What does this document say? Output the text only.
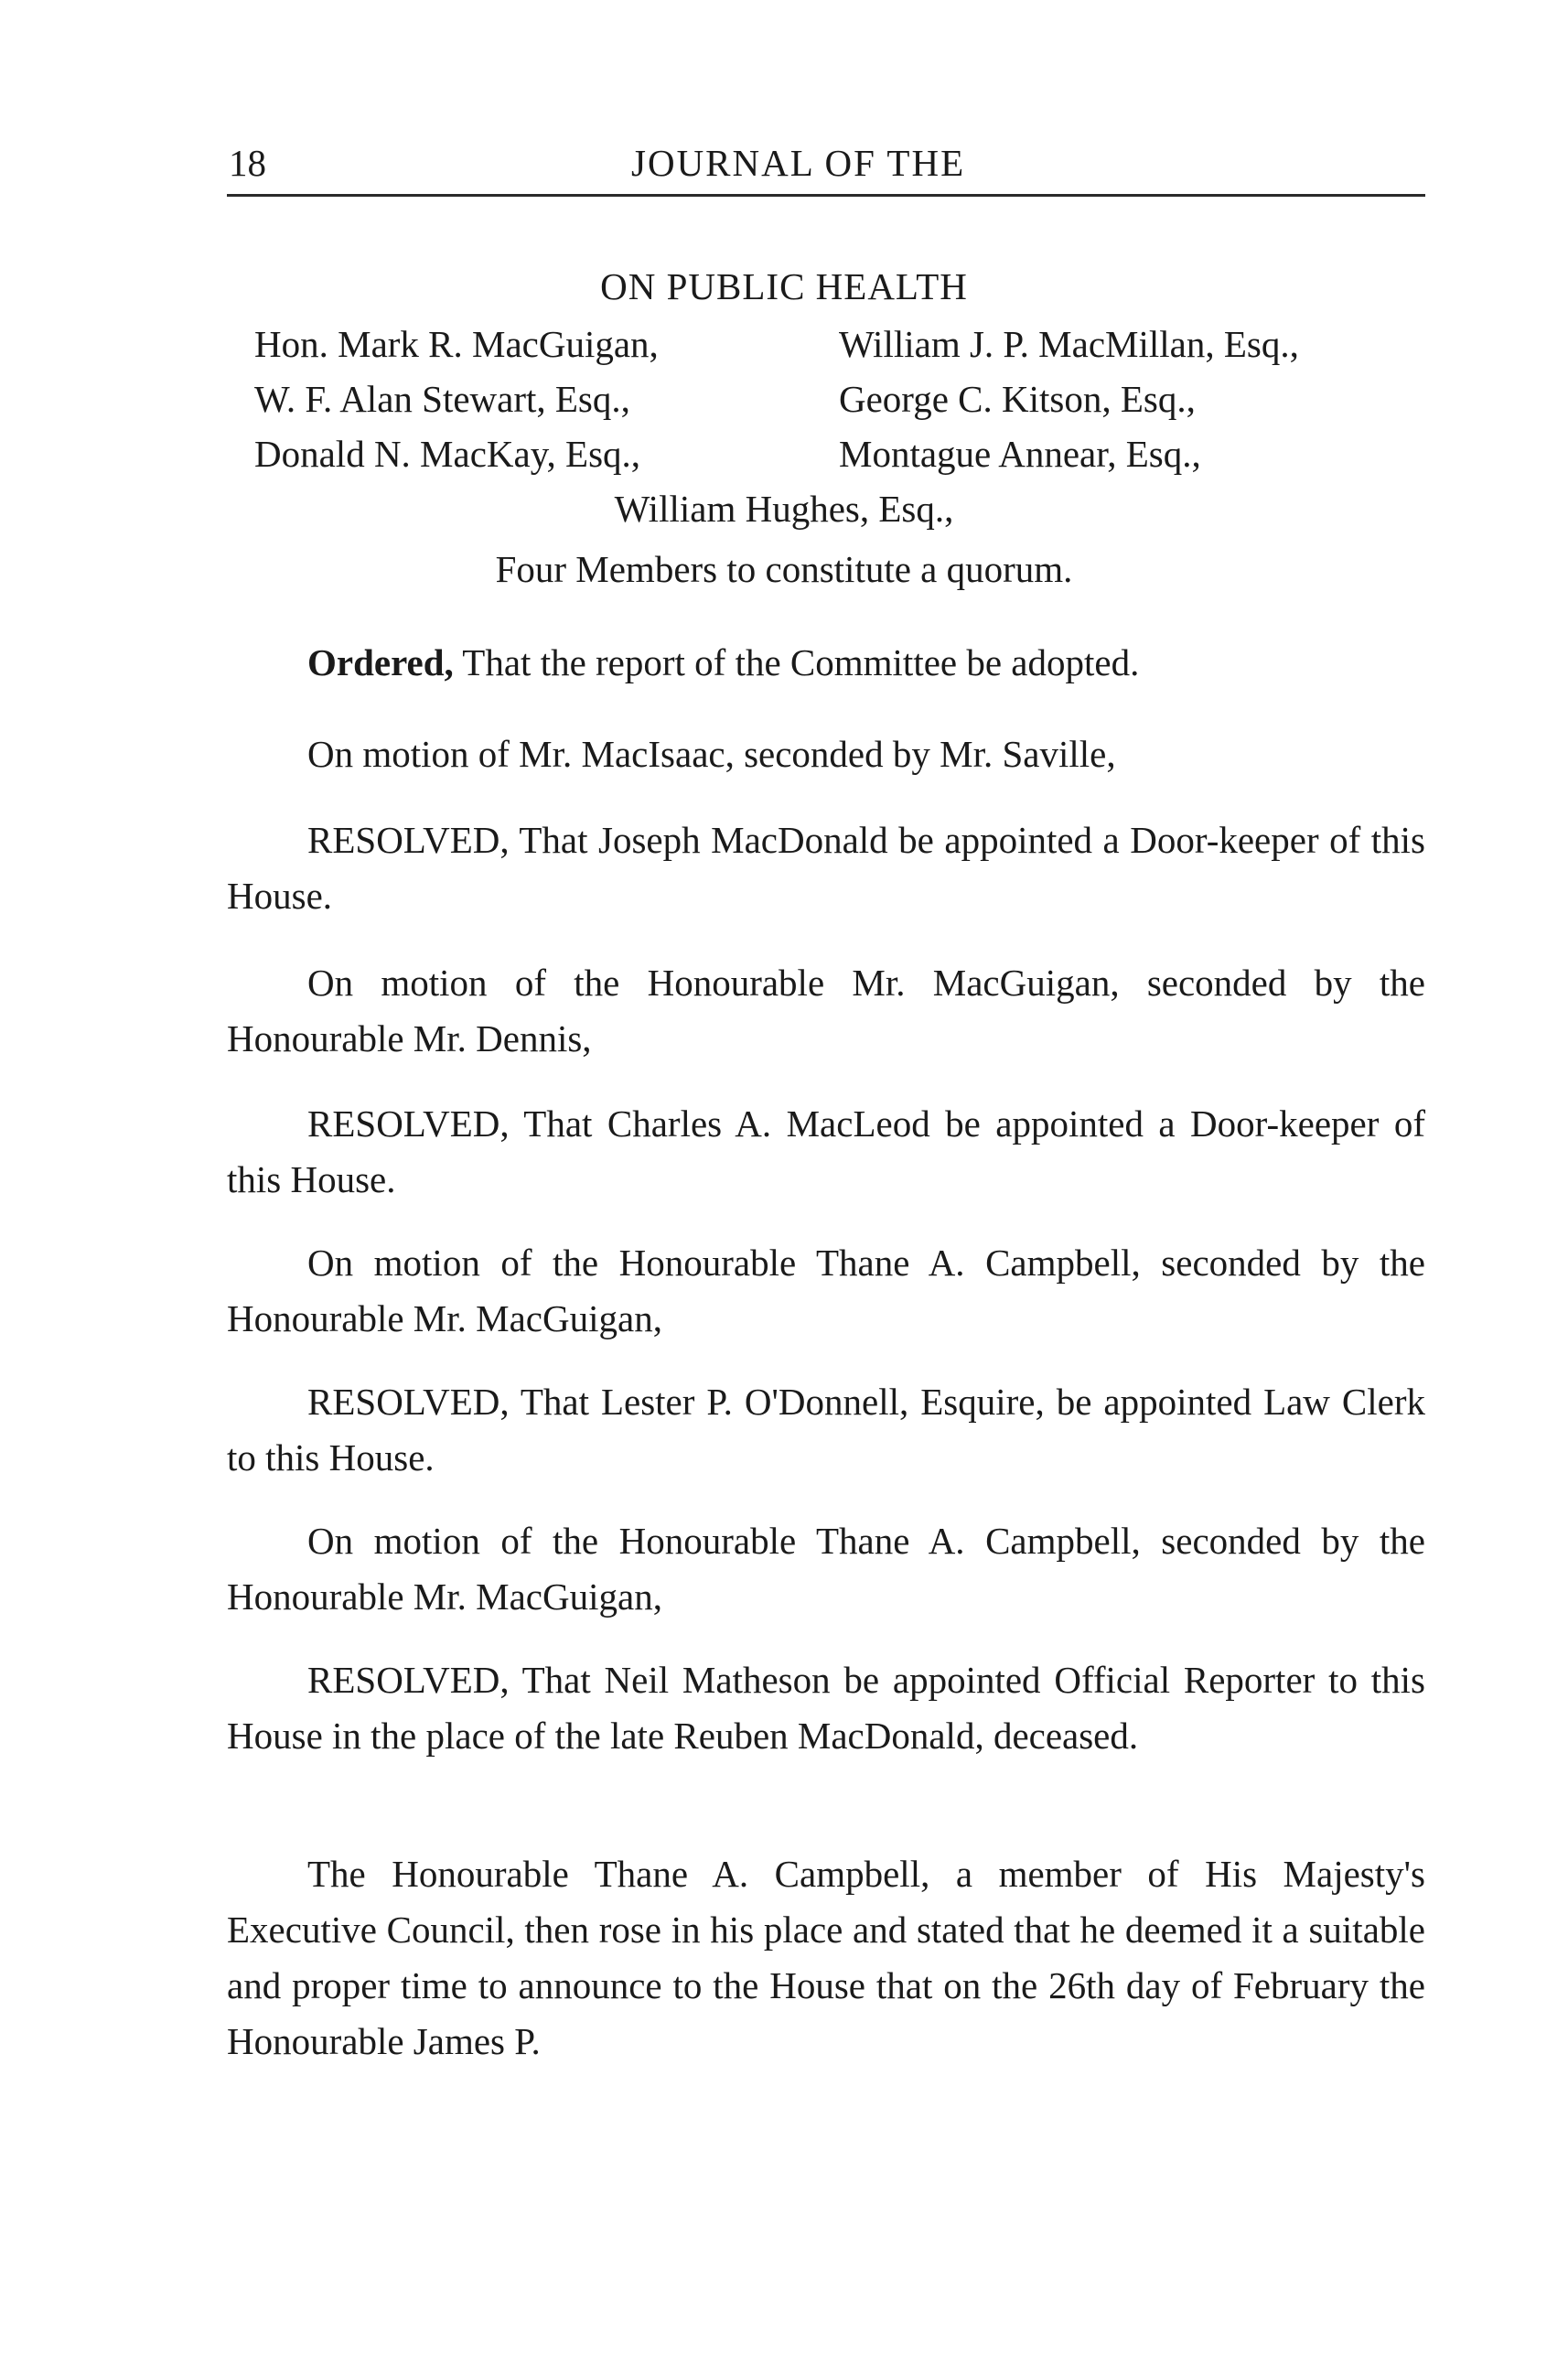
18	JOURNAL OF THE
ON PUBLIC HEALTH
Hon. Mark R. MacGuigan,	William J. P. MacMillan, Esq.,
W. F. Alan Stewart, Esq.,	George C. Kitson, Esq.,
Donald N. MacKay, Esq.,	Montague Annear, Esq.,
William Hughes, Esq.,
Four Members to constitute a quorum.

Ordered, That the report of the Committee be adopted.

On motion of Mr. MacIsaac, seconded by Mr. Saville,

RESOLVED, That Joseph MacDonald be appointed a Door-keeper of this House.

On motion of the Honourable Mr. MacGuigan, seconded by the Honourable Mr. Dennis,

RESOLVED, That Charles A. MacLeod be appointed a Door-keeper of this House.

On motion of the Honourable Thane A. Campbell, seconded by the Honourable Mr. MacGuigan,

RESOLVED, That Lester P. O'Donnell, Esquire, be appointed Law Clerk to this House.

On motion of the Honourable Thane A. Campbell, seconded by the Honourable Mr. MacGuigan,

RESOLVED, That Neil Matheson be appointed Official Reporter to this House in the place of the late Reuben MacDonald, deceased.

The Honourable Thane A. Campbell, a member of His Majesty's Executive Council, then rose in his place and stated that he deemed it a suitable and proper time to announce to the House that on the 26th day of February the Honourable James P.
